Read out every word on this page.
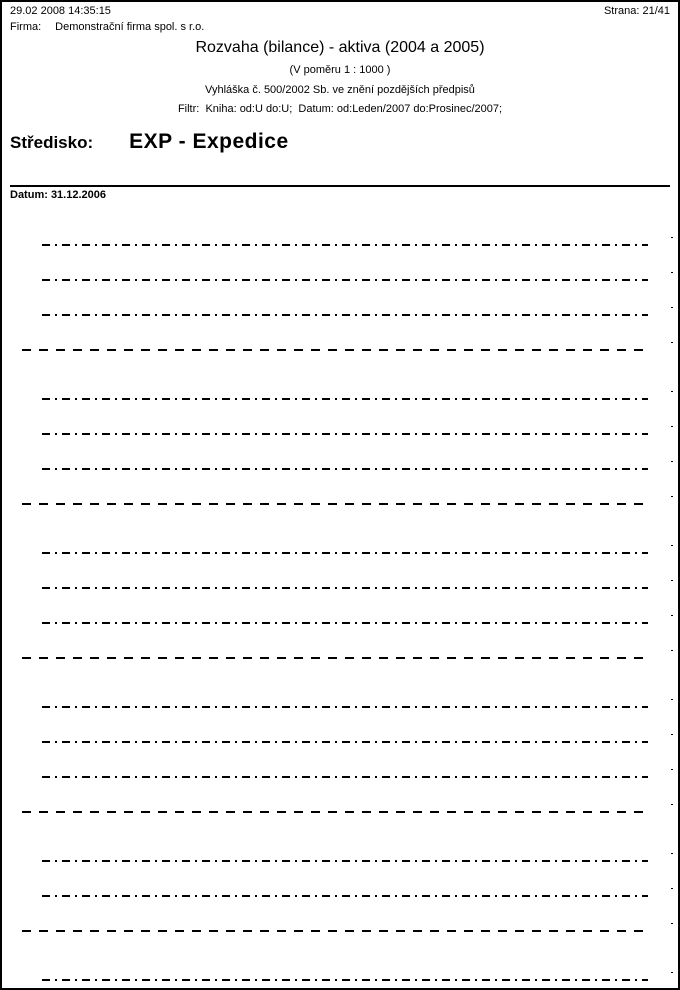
29.02 2008 14:35:15	Strana: 21/41
Firma: Demonstrační firma spol. s r.o.
Rozvaha (bilance) - aktiva (2004 a 2005)
(V poměru 1 : 1000 )
Vyhláška č. 500/2002 Sb. ve znění pozdějších předpisů
Filtr:  Kniha: od:U do:U;  Datum: od:Leden/2007 do:Prosinec/2007;
Středisko: EXP - Expedice
Datum: 31.12.2006
